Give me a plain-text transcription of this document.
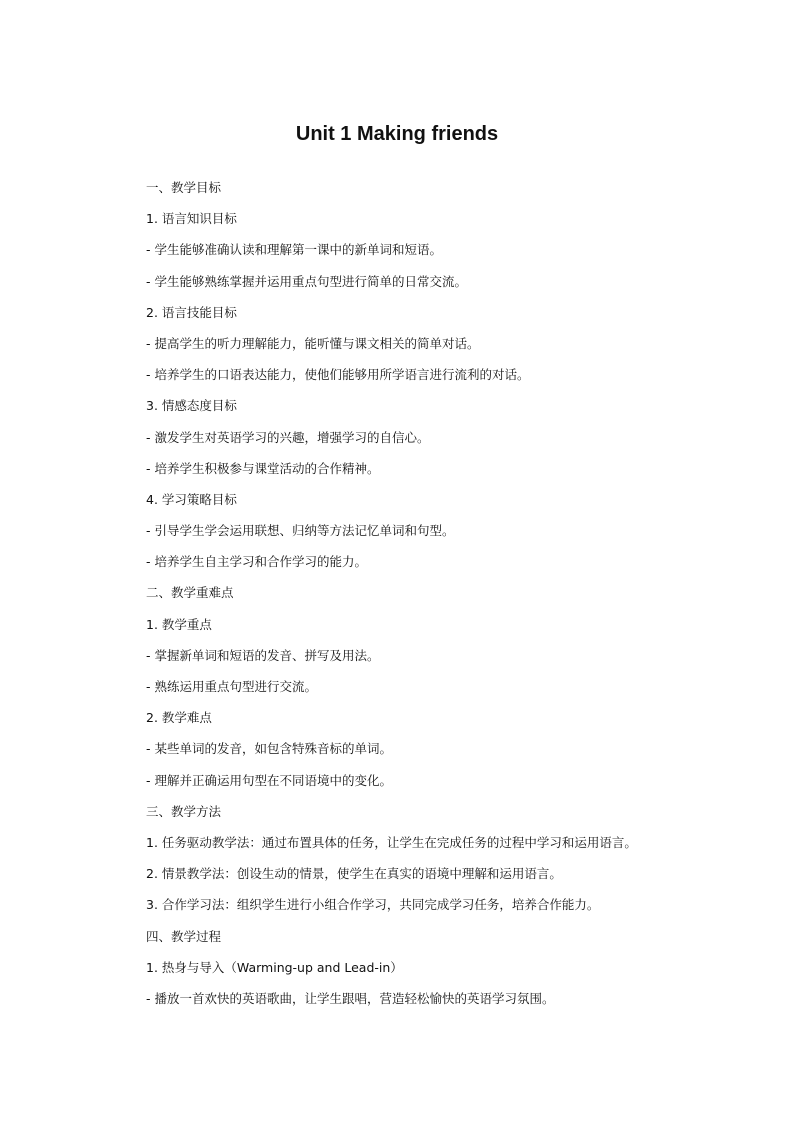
Unit 1 Making friends
一、教学目标
1. 语言知识目标
- 学生能够准确认读和理解第一课中的新单词和短语。
- 学生能够熟练掌握并运用重点句型进行简单的日常交流。
2. 语言技能目标
- 提高学生的听力理解能力，能听懂与课文相关的简单对话。
- 培养学生的口语表达能力，使他们能够用所学语言进行流利的对话。
3. 情感态度目标
- 激发学生对英语学习的兴趣，增强学习的自信心。
- 培养学生积极参与课堂活动的合作精神。
4. 学习策略目标
- 引导学生学会运用联想、归纳等方法记忆单词和句型。
- 培养学生自主学习和合作学习的能力。
二、教学重难点
1. 教学重点
- 掌握新单词和短语的发音、拼写及用法。
- 熟练运用重点句型进行交流。
2. 教学难点
- 某些单词的发音，如包含特殊音标的单词。
- 理解并正确运用句型在不同语境中的变化。
三、教学方法
1. 任务驱动教学法：通过布置具体的任务，让学生在完成任务的过程中学习和运用语言。
2. 情景教学法：创设生动的情景，使学生在真实的语境中理解和运用语言。
3. 合作学习法：组织学生进行小组合作学习，共同完成学习任务，培养合作能力。
四、教学过程
1. 热身与导入（Warming-up and Lead-in）
- 播放一首欢快的英语歌曲，让学生跟唱，营造轻松愉快的英语学习氛围。
